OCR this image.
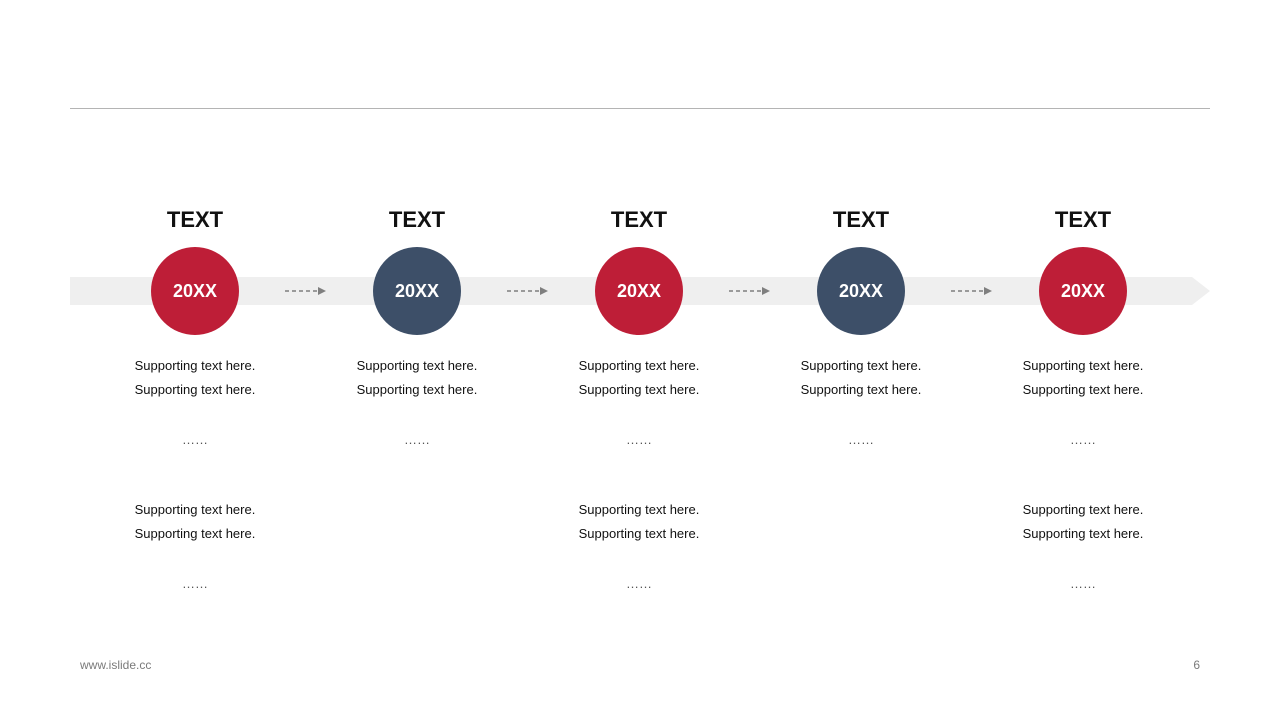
TEXT
20XX
Supporting text here.
Supporting text here.
……
Supporting text here.
Supporting text here.
……
TEXT
20XX
Supporting text here.
Supporting text here.
……
TEXT
20XX
Supporting text here.
Supporting text here.
……
Supporting text here.
Supporting text here.
……
TEXT
20XX
Supporting text here.
Supporting text here.
……
TEXT
20XX
Supporting text here.
Supporting text here.
……
Supporting text here.
Supporting text here.
……
www.islide.cc	6
